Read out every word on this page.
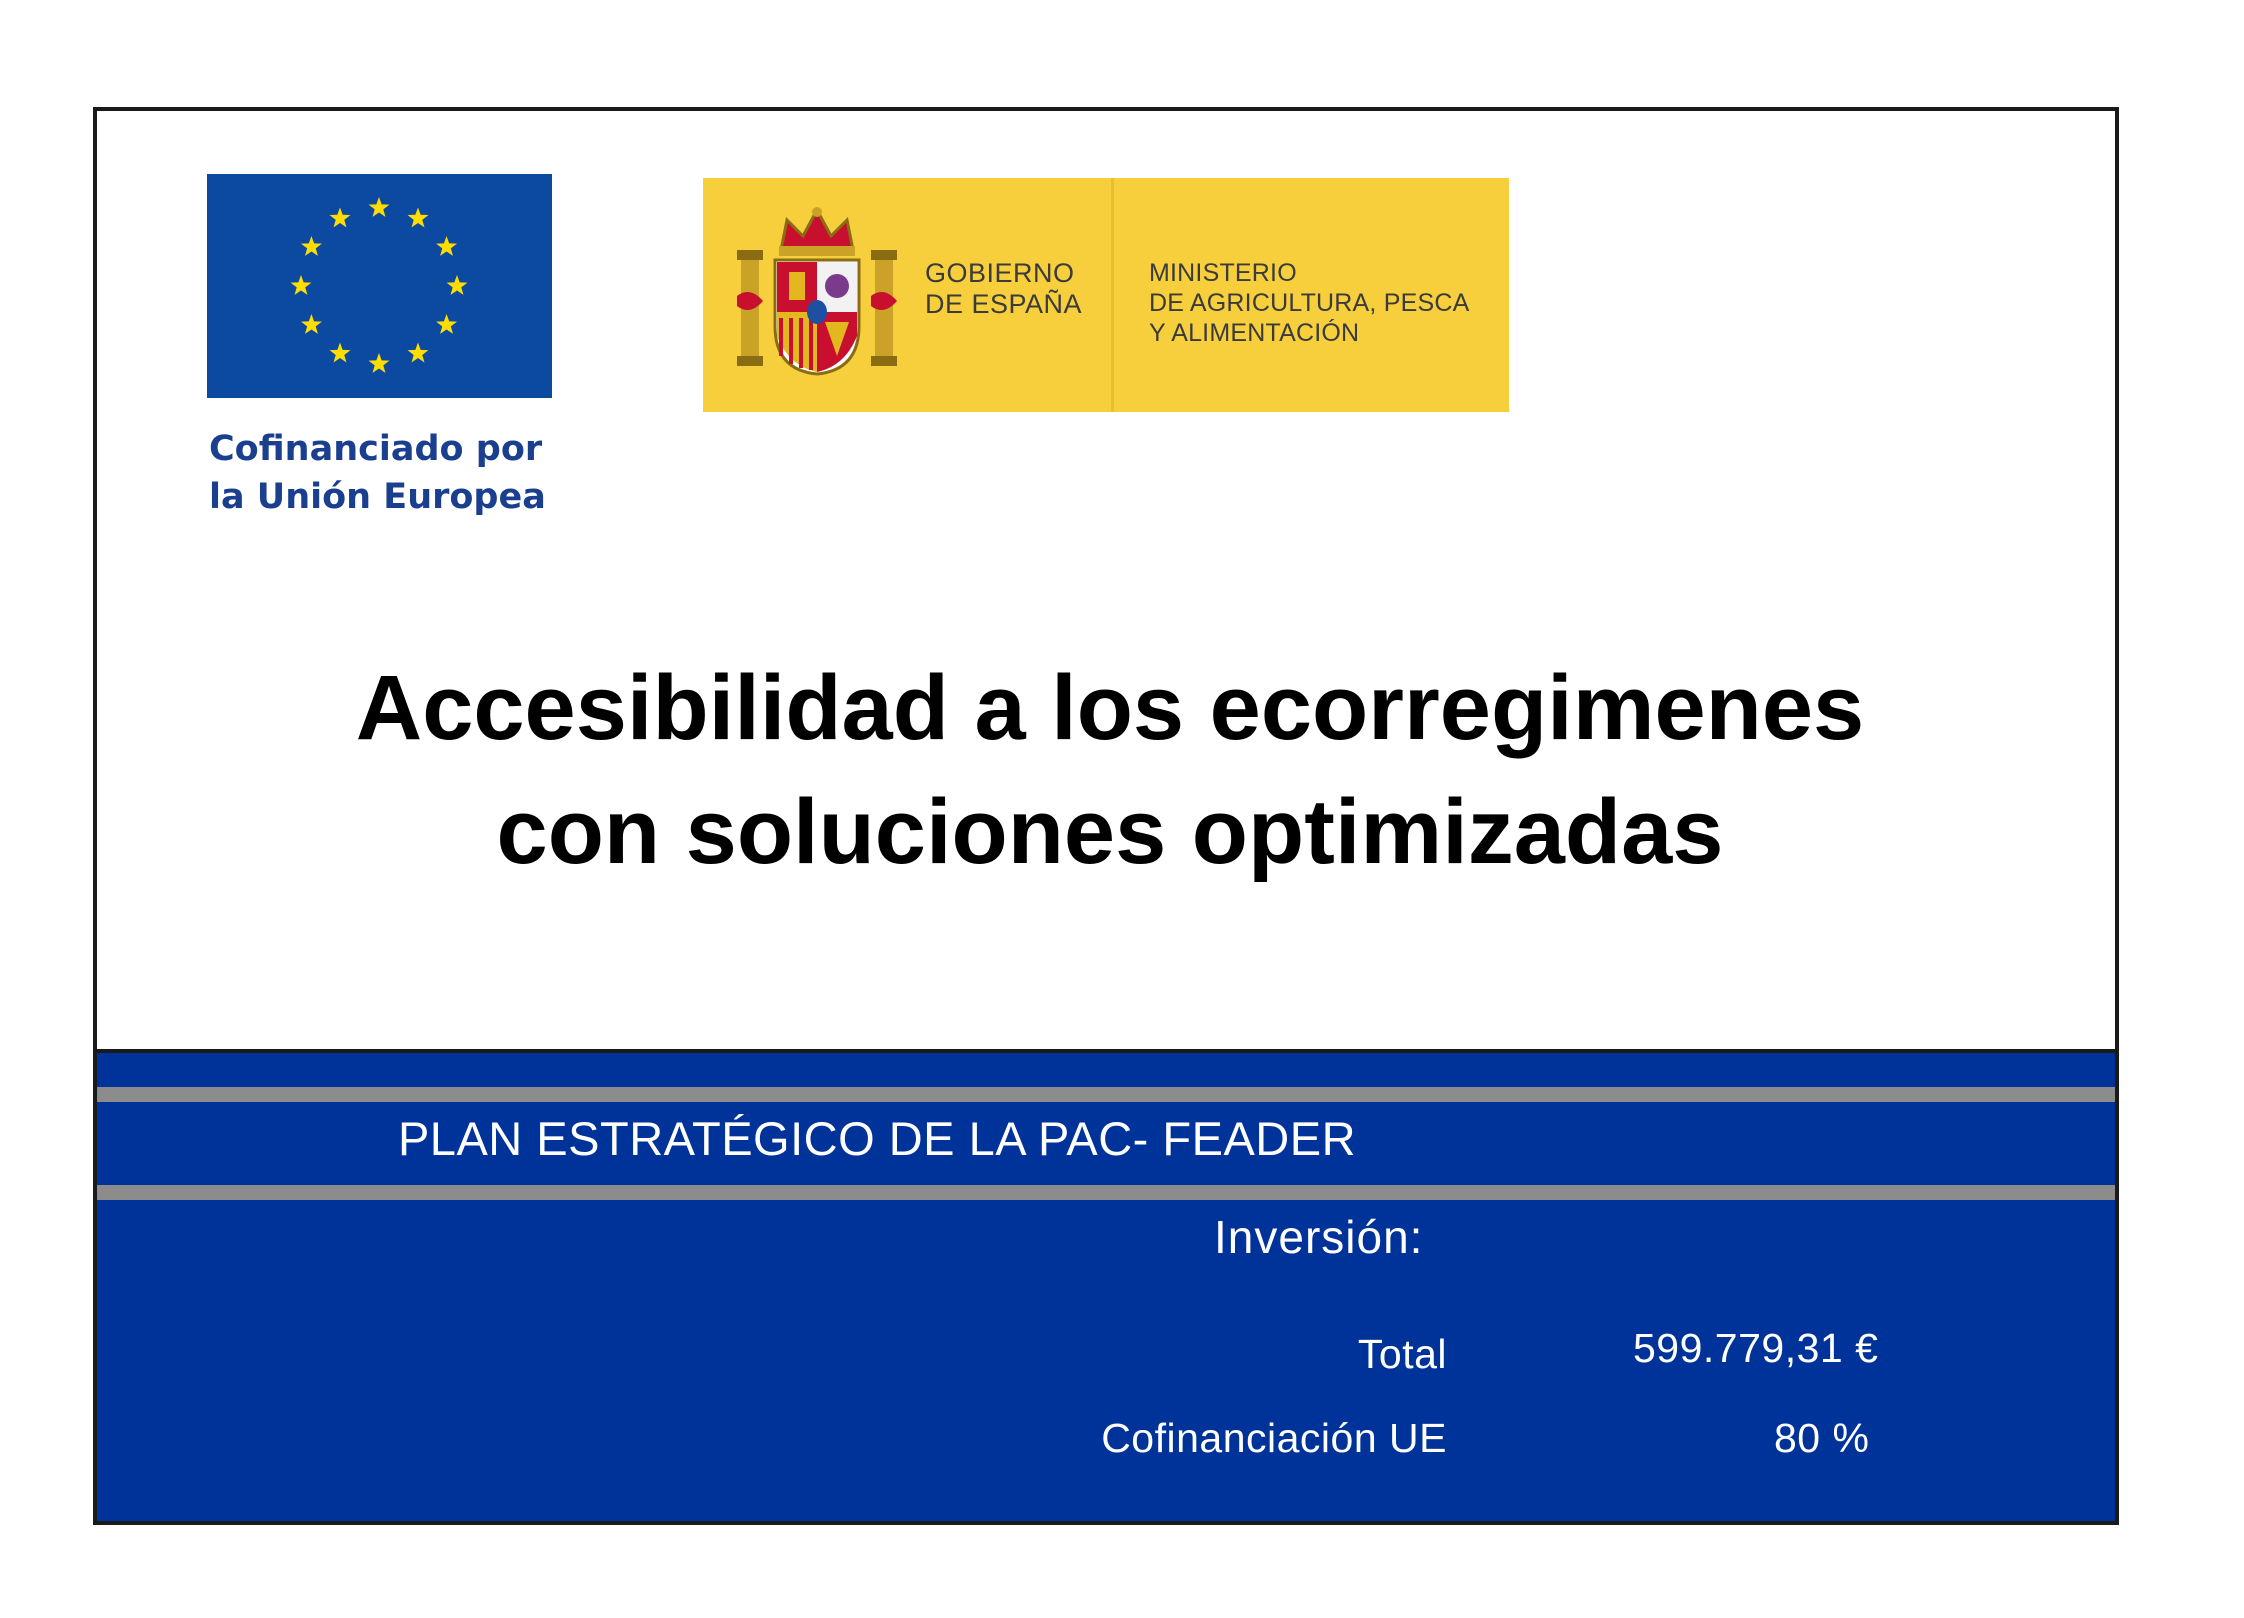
Cofinanciado por
la Unión Europea
GOBIERNO
DE ESPAÑA
MINISTERIO
DE AGRICULTURA, PESCA
Y ALIMENTACIÓN
Accesibilidad a los ecorregimenes
con soluciones optimizadas
PLAN ESTRATÉGICO DE LA PAC- FEADER
Inversión:
Total	599.779,31 €
Cofinanciación UE	80 %
